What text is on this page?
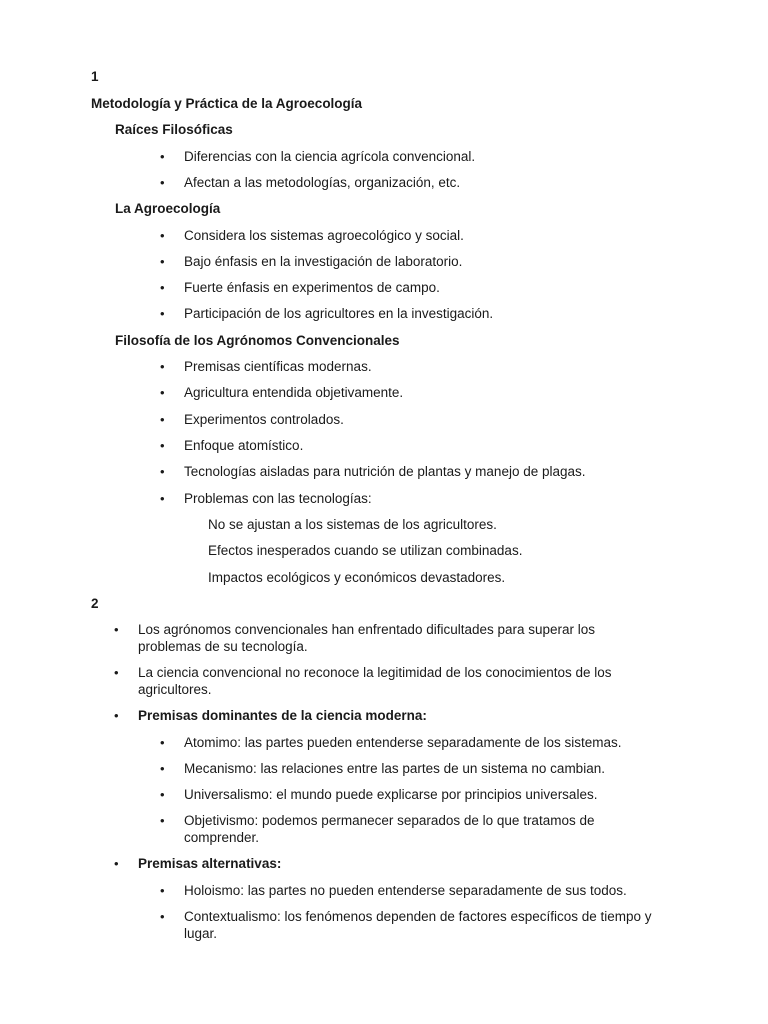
1
Metodología y Práctica de la Agroecología
Raíces Filosóficas
• Diferencias con la ciencia agrícola convencional.
• Afectan a las metodologías, organización, etc.
La Agroecología
• Considera los sistemas agroecológico y social.
• Bajo énfasis en la investigación de laboratorio.
• Fuerte énfasis en experimentos de campo.
• Participación de los agricultores en la investigación.
Filosofía de los Agrónomos Convencionales
• Premisas científicas modernas.
• Agricultura entendida objetivamente.
• Experimentos controlados.
• Enfoque atomístico.
• Tecnologías aisladas para nutrición de plantas y manejo de plagas.
• Problemas con las tecnologías:
No se ajustan a los sistemas de los agricultores.
Efectos inesperados cuando se utilizan combinadas.
Impactos ecológicos y económicos devastadores.
2
• Los agrónomos convencionales han enfrentado dificultades para superar los problemas de su tecnología.
• La ciencia convencional no reconoce la legitimidad de los conocimientos de los agricultores.
• Premisas dominantes de la ciencia moderna:
• Atomimo: las partes pueden entenderse separadamente de los sistemas.
• Mecanismo: las relaciones entre las partes de un sistema no cambian.
• Universalismo: el mundo puede explicarse por principios universales.
• Objetivismo: podemos permanecer separados de lo que tratamos de comprender.
• Premisas alternativas:
• Holoismo: las partes no pueden entenderse separadamente de sus todos.
• Contextualismo: los fenómenos dependen de factores específicos de tiempo y lugar.
